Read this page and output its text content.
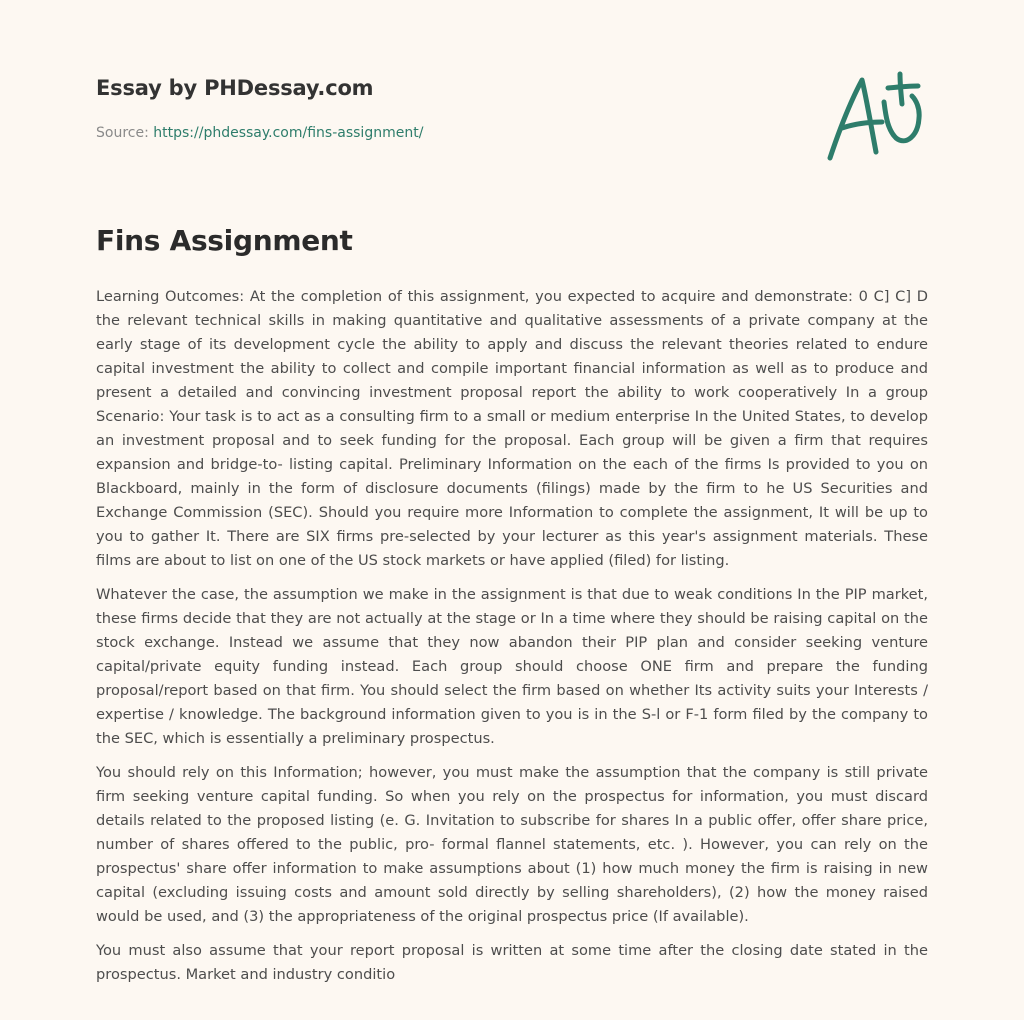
Essay by PHDessay.com
Source: https://phdessay.com/fins-assignment/
Fins Assignment

Learning Outcomes: At the completion of this assignment, you expected to acquire and demonstrate: 0 C] C] D the relevant technical skills in making quantitative and qualitative assessments of a private company at the early stage of its development cycle the ability to apply and discuss the relevant theories related to endure capital investment the ability to collect and compile important financial information as well as to produce and present a detailed and convincing investment proposal report the ability to work cooperatively In a group Scenario: Your task is to act as a consulting firm to a small or medium enterprise In the United States, to develop an investment proposal and to seek funding for the proposal. Each group will be given a firm that requires expansion and bridge-to- listing capital. Preliminary Information on the each of the firms Is provided to you on Blackboard, mainly in the form of disclosure documents (filings) made by the firm to he US Securities and Exchange Commission (SEC). Should you require more Information to complete the assignment, It will be up to you to gather It. There are SIX firms pre-selected by your lecturer as this year's assignment materials. These films are about to list on one of the US stock markets or have applied (filed) for listing.

Whatever the case, the assumption we make in the assignment is that due to weak conditions In the PIP market, these firms decide that they are not actually at the stage or In a time where they should be raising capital on the stock exchange. Instead we assume that they now abandon their PIP plan and consider seeking venture capital/private equity funding instead. Each group should choose ONE firm and prepare the funding proposal/report based on that firm. You should select the firm based on whether Its activity suits your Interests / expertise / knowledge. The background information given to you is in the S-l or F-1 form filed by the company to the SEC, which is essentially a preliminary prospectus.

You should rely on this Information; however, you must make the assumption that the company is still private firm seeking venture capital funding. So when you rely on the prospectus for information, you must discard details related to the proposed listing (e. G. Invitation to subscribe for shares In a public offer, offer share price, number of shares offered to the public, pro- formal flannel statements, etc. ). However, you can rely on the prospectus' share offer information to make assumptions about (1) how much money the firm is raising in new capital (excluding issuing costs and amount sold directly by selling shareholders), (2) how the money raised would be used, and (3) the appropriateness of the original prospectus price (If available).

You must also assume that your report proposal is written at some time after the closing date stated in the prospectus. Market and industry conditio
